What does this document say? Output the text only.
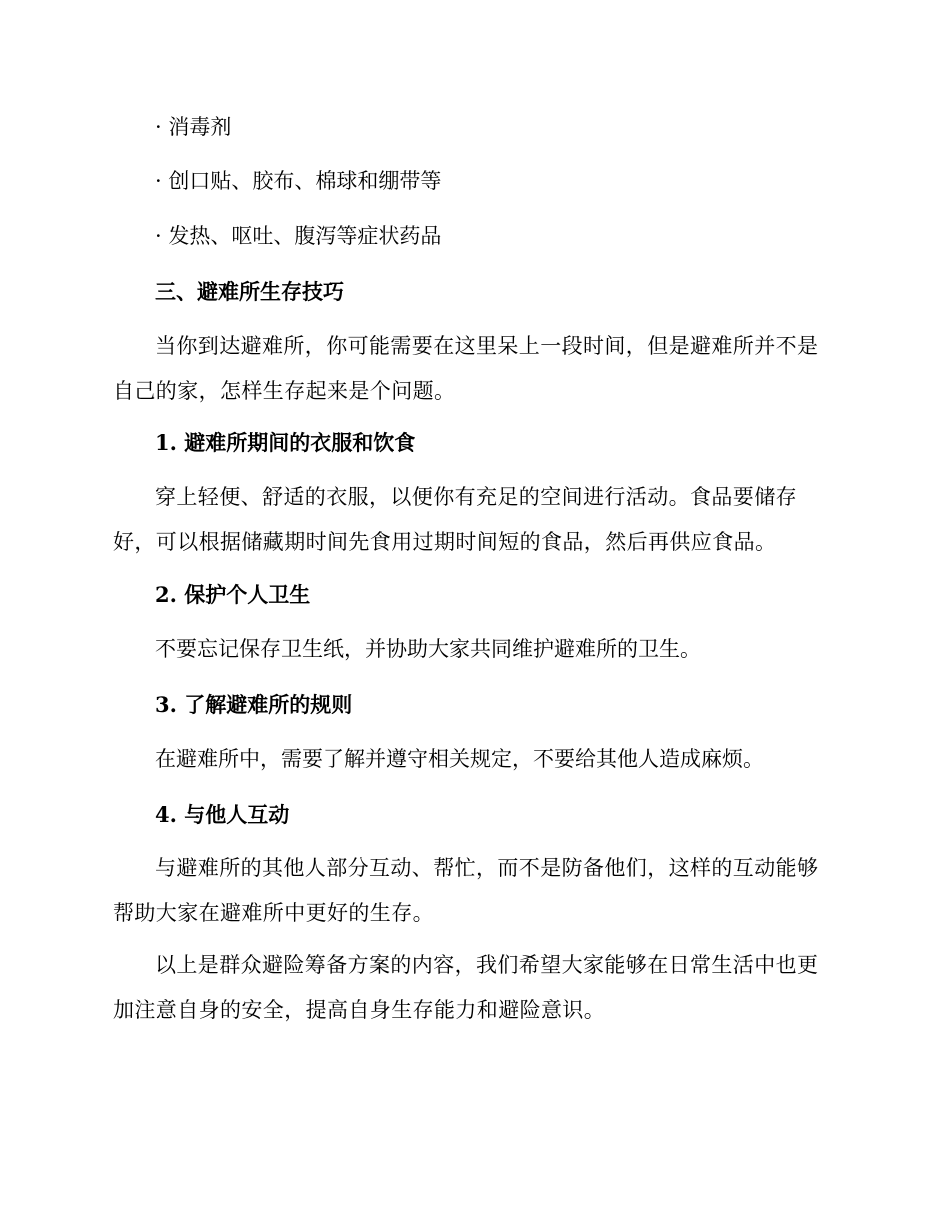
· 消毒剂
· 创口贴、胶布、棉球和绷带等
· 发热、呕吐、腹泻等症状药品
三、避难所生存技巧
当你到达避难所，你可能需要在这里呆上一段时间，但是避难所并不是
自己的家，怎样生存起来是个问题。
1. 避难所期间的衣服和饮食
穿上轻便、舒适的衣服，以便你有充足的空间进行活动。食品要储存
好，可以根据储藏期时间先食用过期时间短的食品，然后再供应食品。
2. 保护个人卫生
不要忘记保存卫生纸，并协助大家共同维护避难所的卫生。
3. 了解避难所的规则
在避难所中，需要了解并遵守相关规定，不要给其他人造成麻烦。
4. 与他人互动
与避难所的其他人部分互动、帮忙，而不是防备他们，这样的互动能够
帮助大家在避难所中更好的生存。
以上是群众避险筹备方案的内容，我们希望大家能够在日常生活中也更
加注意自身的安全，提高自身生存能力和避险意识。
